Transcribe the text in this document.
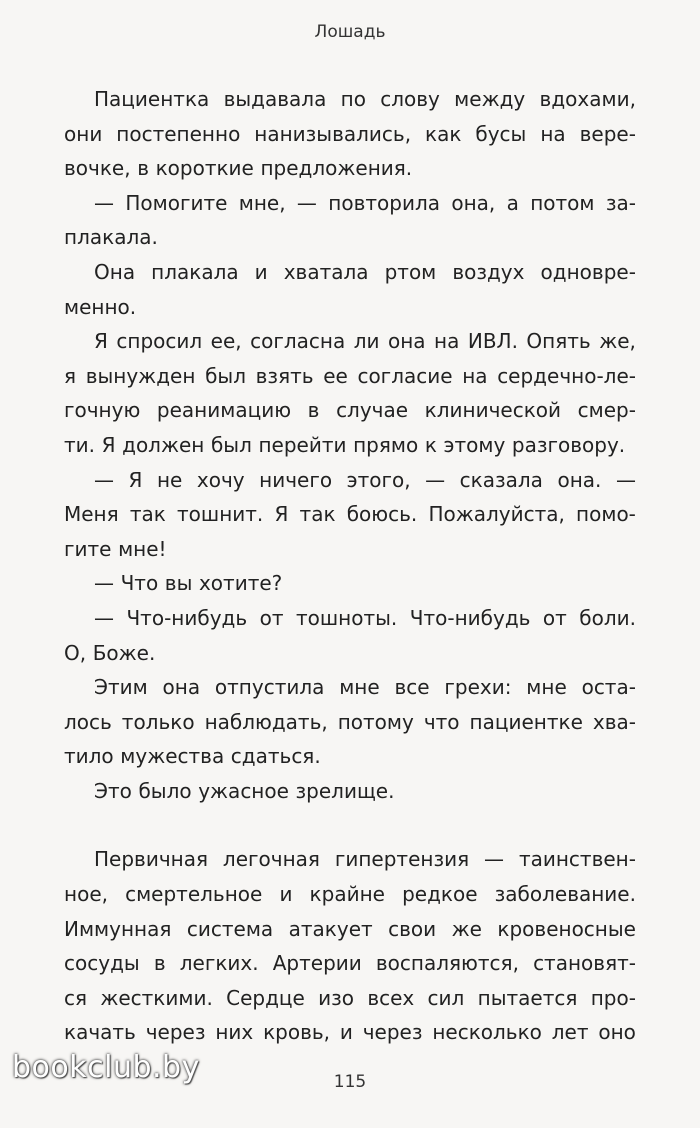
Лошадь
Пациентка выдавала по слову между вдохами,
они постепенно нанизывались, как бусы на вере-
вочке, в короткие предложения.
— Помогите мне, — повторила она, а потом за-
плакала.
Она плакала и хватала ртом воздух одновре-
менно.
Я спросил ее, согласна ли она на ИВЛ. Опять же,
я вынужден был взять ее согласие на сердечно-ле-
гочную реанимацию в случае клинической смер-
ти. Я должен был перейти прямо к этому разговору.
— Я не хочу ничего этого, — сказала она. —
Меня так тошнит. Я так боюсь. Пожалуйста, помо-
гите мне!
— Что вы хотите?
— Что-нибудь от тошноты. Что-нибудь от боли.
О, Боже.
Этим она отпустила мне все грехи: мне оста-
лось только наблюдать, потому что пациентке хва-
тило мужества сдаться.
Это было ужасное зрелище.
Первичная легочная гипертензия — таинствен-
ное, смертельное и крайне редкое заболевание.
Иммунная система атакует свои же кровеносные
сосуды в легких. Артерии воспаляются, становят-
ся жесткими. Сердце изо всех сил пытается про-
качать через них кровь, и через несколько лет оно
115
bookclub.by
